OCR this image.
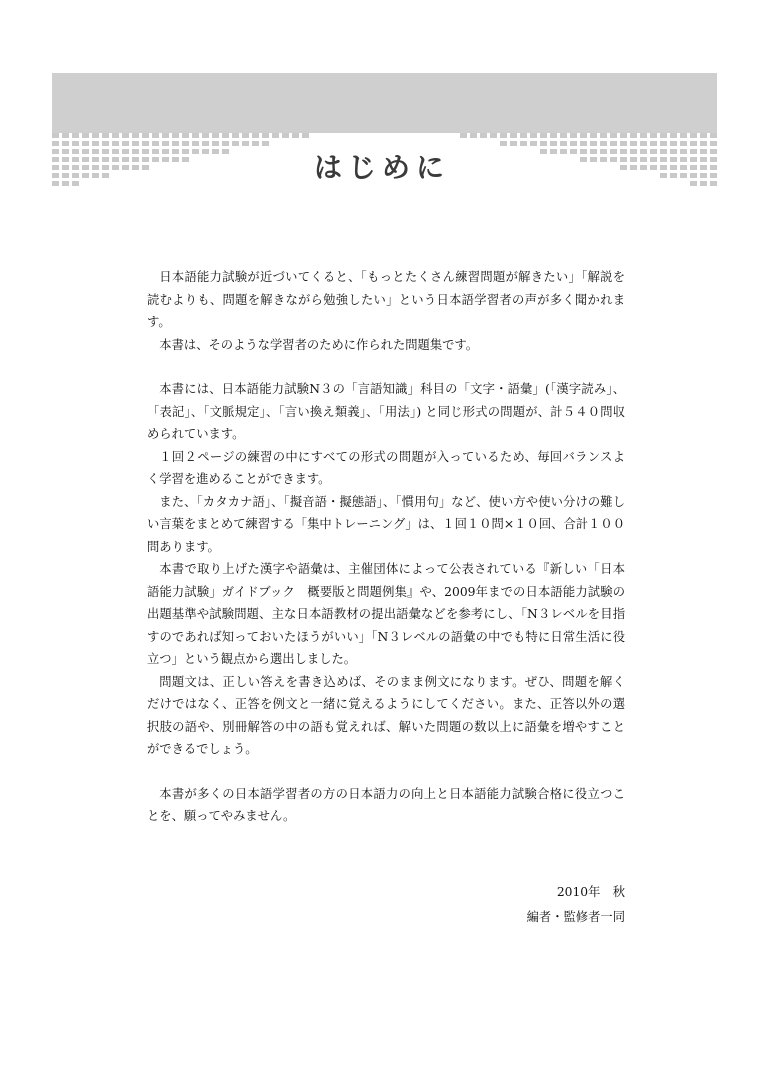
はじめに

日本語能力試験が近づいてくると、「もっとたくさん練習問題が解きたい」「解説を読むよりも、問題を解きながら勉強したい」という日本語学習者の声が多く聞かれます。

本書は、そのような学習者のために作られた問題集です。

本書には、日本語能力試験N３の「言語知識」科目の「文字・語彙」(「漢字読み」、「表記」、「文脈規定」、「言い換え類義」、「用法」) と同じ形式の問題が、計５４０問収められています。

１回２ページの練習の中にすべての形式の問題が入っているため、毎回バランスよく学習を進めることができます。

また、「カタカナ語」、「擬音語・擬態語」、「慣用句」など、使い方や使い分けの難しい言葉をまとめて練習する「集中トレーニング」は、１回１０問×１０回、合計１００問あります。

本書で取り上げた漢字や語彙は、主催団体によって公表されている『新しい「日本語能力試験」ガイドブック　概要版と問題例集』や、2009年までの日本語能力試験の出題基準や試験問題、主な日本語教材の提出語彙などを参考にし、「N３レベルを目指すのであれば知っておいたほうがいい」「N３レベルの語彙の中でも特に日常生活に役立つ」という観点から選出しました。

問題文は、正しい答えを書き込めば、そのまま例文になります。ぜひ、問題を解くだけではなく、正答を例文と一緒に覚えるようにしてください。また、正答以外の選択肢の語や、別冊解答の中の語も覚えれば、解いた問題の数以上に語彙を増やすことができるでしょう。

本書が多くの日本語学習者の方の日本語力の向上と日本語能力試験合格に役立つことを、願ってやみません。

2010年　秋
編者・監修者一同
